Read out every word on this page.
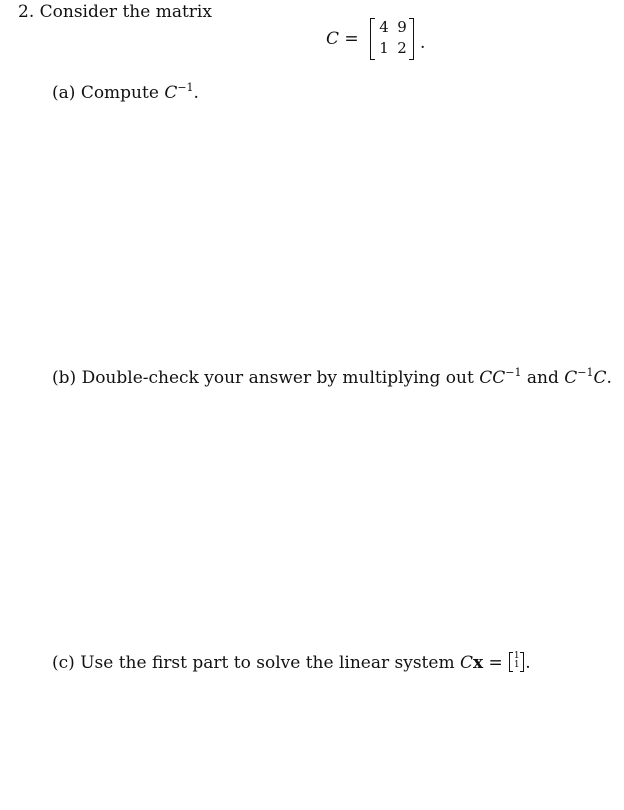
2. Consider the matrix
C =
4 9
1 2 .
(a) Compute $C^{-1}$.
(b) Double-check your answer by multiplying out $CC^{-1}$ and $C^{-1}C$.
(c) Use the first part to solve the linear system Cx = 1
1 .
